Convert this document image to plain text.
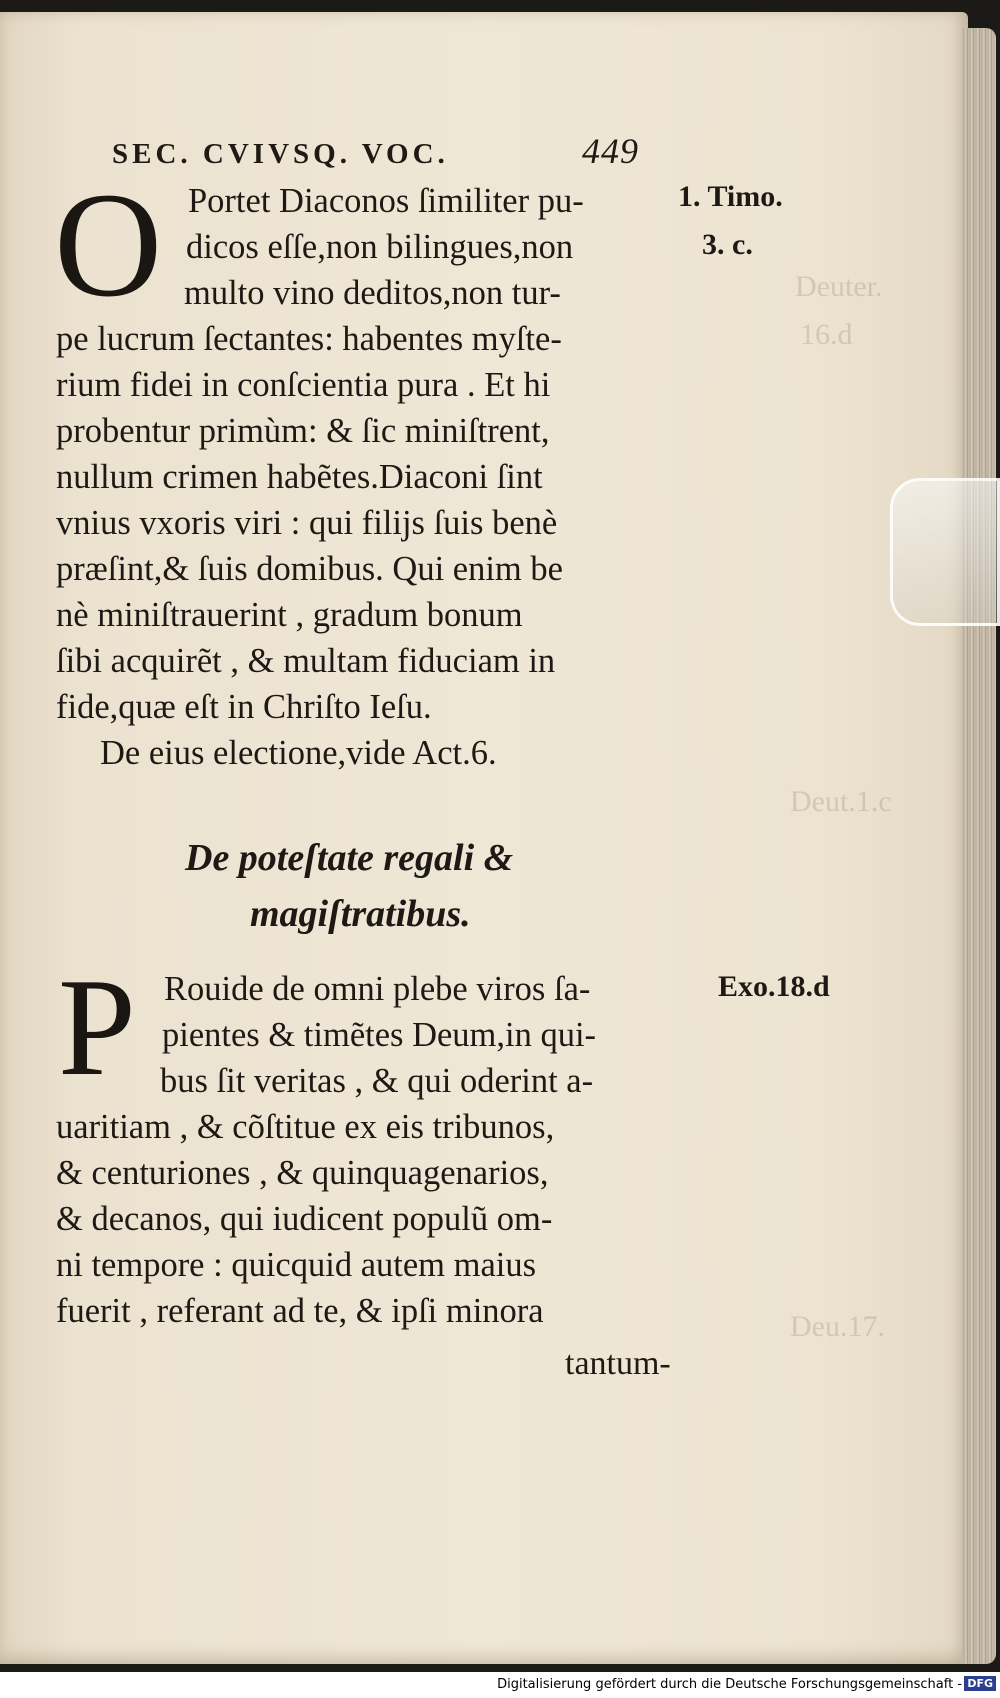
Deuter.
16.d
Deut.1.c
Deu.17.
SEC. CVIVSQ. VOC.	449
O Portet Diaconos ſimiliter pu-
dicos eſſe,non bilingues,non
multo vino deditos,non tur-
pe lucrum ſectantes: habentes myſte-
rium fidei in conſcientia pura . Et hi
probentur primùm: & ſic miniſtrent,
nullum crimen habẽtes.Diaconi ſint
vnius vxoris viri : qui filijs ſuis benè
præſint,& ſuis domibus. Qui enim be
nè miniſtrauerint , gradum bonum
ſibi acquirẽt , & multam fiduciam in
fide,quæ eſt in Chriſto Ieſu.
De eius electione,vide Act.6.
1. Timo.
3. c.
De poteſtate regali &
magiſtratibus.
P Rouide de omni plebe viros ſa-
pientes & timẽtes Deum,in qui-
bus ſit veritas , & qui oderint a-
uaritiam , & cõſtitue ex eis tribunos,
& centuriones , & quinquagenarios,
& decanos, qui iudicent populũ om-
ni tempore : quicquid autem maius
fuerit , referant ad te, & ipſi minora
Exo.18.d
tantum-
Digitalisierung gefördert durch die Deutsche Forschungsgemeinschaft - DFG
